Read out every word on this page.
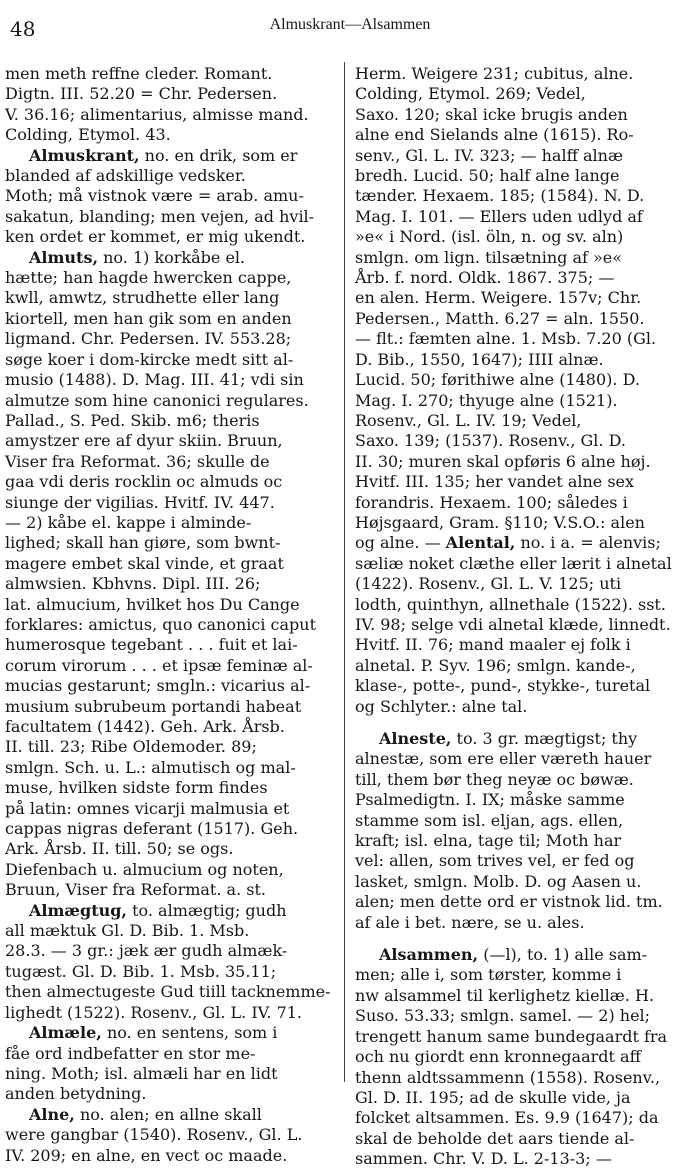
48	Almuskrant—Alsammen

men meth reffne cleder. Romant.
Digtn. III. 52.20 = Chr. Pedersen.
V. 36.16; alimentarius, almisse mand.
Colding, Etymol. 43.

Almuskrant, no. en drik, som er
blanded af adskillige vedsker.
Moth; må vistnok være = arab. amu-
sakatun, blanding; men vejen, ad hvil-
ken ordet er kommet, er mig ukendt.

Almuts, no. 1) korkåbe el.
hætte; han hagde hwercken cappe,
kwll, amwtz, strudhette eller lang
kiortell, men han gik som en anden
ligmand. Chr. Pedersen. IV. 553.28;
søge koer i dom-kircke medt sitt al-
musio (1488). D. Mag. III. 41; vdi sin
almutze som hine canonici regulares.
Pallad., S. Ped. Skib. m6; theris
amystzer ere af dyur skiin. Bruun,
Viser fra Reformat. 36; skulle de
gaa vdi deris rocklin oc almuds oc
siunge der vigilias. Hvitf. IV. 447.
— 2) kåbe el. kappe i alminde-
lighed; skall han giøre, som bwnt-
magere embet skal vinde, et graat
almwsien. Kbhvns. Dipl. III. 26;
lat. almucium, hvilket hos Du Cange
forklares: amictus, quo canonici caput
humerosque tegebant . . . fuit et lai-
corum virorum . . . et ipsæ feminæ al-
mucias gestarunt; smgln.: vicarius al-
musium subrubeum portandi habeat
facultatem (1442). Geh. Ark. Årsb.
II. till. 23; Ribe Oldemoder. 89;
smlgn. Sch. u. L.: almutisch og mal-
muse, hvilken sidste form findes
på latin: omnes vicarji malmusia et
cappas nigras deferant (1517). Geh.
Ark. Årsb. II. till. 50; se ogs.
Diefenbach u. almucium og noten,
Bruun, Viser fra Reformat. a. st.

Almægtug, to. almægtig; gudh
all mæktuk Gl. D. Bib. 1. Msb.
28.3. — 3 gr.: jæk ær gudh almæk-
tugæst. Gl. D. Bib. 1. Msb. 35.11;
then almectugeste Gud tiill tacknemme-
lighedt (1522). Rosenv., Gl. L. IV. 71.

Almæle, no. en sentens, som i
fåe ord indbefatter en stor me-
ning. Moth; isl. almæli har en lidt
anden betydning.

Alne, no. alen; en allne skall
were gangbar (1540). Rosenv., Gl. L.
IV. 209; en alne, en vect oc maade.

Herm. Weigere 231; cubitus, alne.
Colding, Etymol. 269; Vedel,
Saxo. 120; skal icke brugis anden
alne end Sielands alne (1615). Ro-
senv., Gl. L. IV. 323; — halff alnæ
bredh. Lucid. 50; half alne lange
tænder. Hexaem. 185; (1584). N. D.
Mag. I. 101. — Ellers uden udlyd af
»e« i Nord. (isl. öln, n. og sv. aln)
smlgn. om lign. tilsætning af »e«
Årb. f. nord. Oldk. 1867. 375; —
en alen. Herm. Weigere. 157v; Chr.
Pedersen., Matth. 6.27 = aln. 1550.
— flt.: fæmten alne. 1. Msb. 7.20 (Gl.
D. Bib., 1550, 1647); IIII alnæ.
Lucid. 50; førithiwe alne (1480). D.
Mag. I. 270; thyuge alne (1521).
Rosenv., Gl. L. IV. 19; Vedel,
Saxo. 139; (1537). Rosenv., Gl. D.
II. 30; muren skal opføris 6 alne høj.
Hvitf. III. 135; her vandet alne sex
forandris. Hexaem. 100; således i
Højsgaard, Gram. §110; V.S.O.: alen
og alne. — Alental, no. i a. = alenvis;
sæliæ noket clæthe eller lærit i alnetal
(1422). Rosenv., Gl. L. V. 125; uti
lodth, quinthyn, allnethale (1522). sst.
IV. 98; selge vdi alnetal klæde, linnedt.
Hvitf. II. 76; mand maaler ej folk i
alnetal. P. Syv. 196; smlgn. kande-,
klase-, potte-, pund-, stykke-, turetal
og Schlyter.: alne tal.

Alneste, to. 3 gr. mægtigst; thy
alnestæ, som ere eller væreth hauer
till, them bør theg neyæ oc bøwæ.
Psalmedigtn. I. IX; måske samme
stamme som isl. eljan, ags. ellen,
kraft; isl. elna, tage til; Moth har
vel: allen, som trives vel, er fed og
lasket, smlgn. Molb. D. og Aasen u.
alen; men dette ord er vistnok lid. tm.
af ale i bet. nære, se u. ales.

Alsammen, (—l), to. 1) alle sam-
men; alle i, som tørster, komme i
nw alsammel til kerlighetz kiellæ. H.
Suso. 53.33; smlgn. samel. — 2) hel;
trengett hanum same bundegaardt fra
och nu giordt enn kronnegaardt aff
thenn aldtssammenn (1558). Rosenv.,
Gl. D. II. 195; ad de skulle vide, ja
folcket altsammen. Es. 9.9 (1647); da
skal de beholde det aars tiende al-
sammen. Chr. V. D. L. 2-13-3; —
